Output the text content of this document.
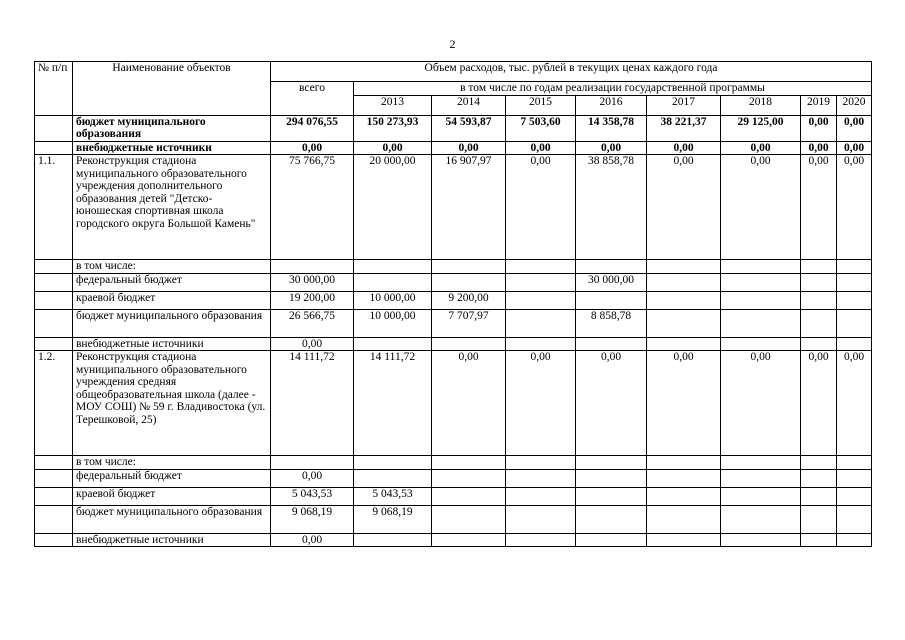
2
№ п/п	Наименование объектов	Объем расходов, тыс. рублей в текущих ценах каждого года								
		всего	в том числе по годам реализации государственной программы							
			2013	2014	2015	2016	2017	2018	2019	2020
	бюджет муниципального образования	294 076,55	150 273,93	54 593,87	7 503,60	14 358,78	38 221,37	29 125,00	0,00	0,00
	внебюджетные источники	0,00	0,00	0,00	0,00	0,00	0,00	0,00	0,00	0,00
1.1.	Реконструкция стадиона муниципального образовательного учреждения дополнительного образования детей "Детско-юношеская спортивная школа городского округа Большой Камень"	75 766,75	20 000,00	16 907,97	0,00	38 858,78	0,00	0,00	0,00	0,00
	в том числе:									
	федеральный бюджет	30 000,00				30 000,00				
	краевой бюджет	19 200,00	10 000,00	9 200,00						
	бюджет муниципального образования	26 566,75	10 000,00	7 707,97		8 858,78				
	внебюджетные источники	0,00								
1.2.	Реконструкция стадиона муниципального образовательного учреждения средняя общеобразовательная школа (далее - МОУ СОШ) № 59 г. Владивостока (ул. Терешковой, 25)	14 111,72	14 111,72	0,00	0,00	0,00	0,00	0,00	0,00	0,00
	в том числе:									
	федеральный бюджет	0,00								
	краевой бюджет	5 043,53	5 043,53							
	бюджет муниципального образования	9 068,19	9 068,19							
	внебюджетные источники	0,00								
